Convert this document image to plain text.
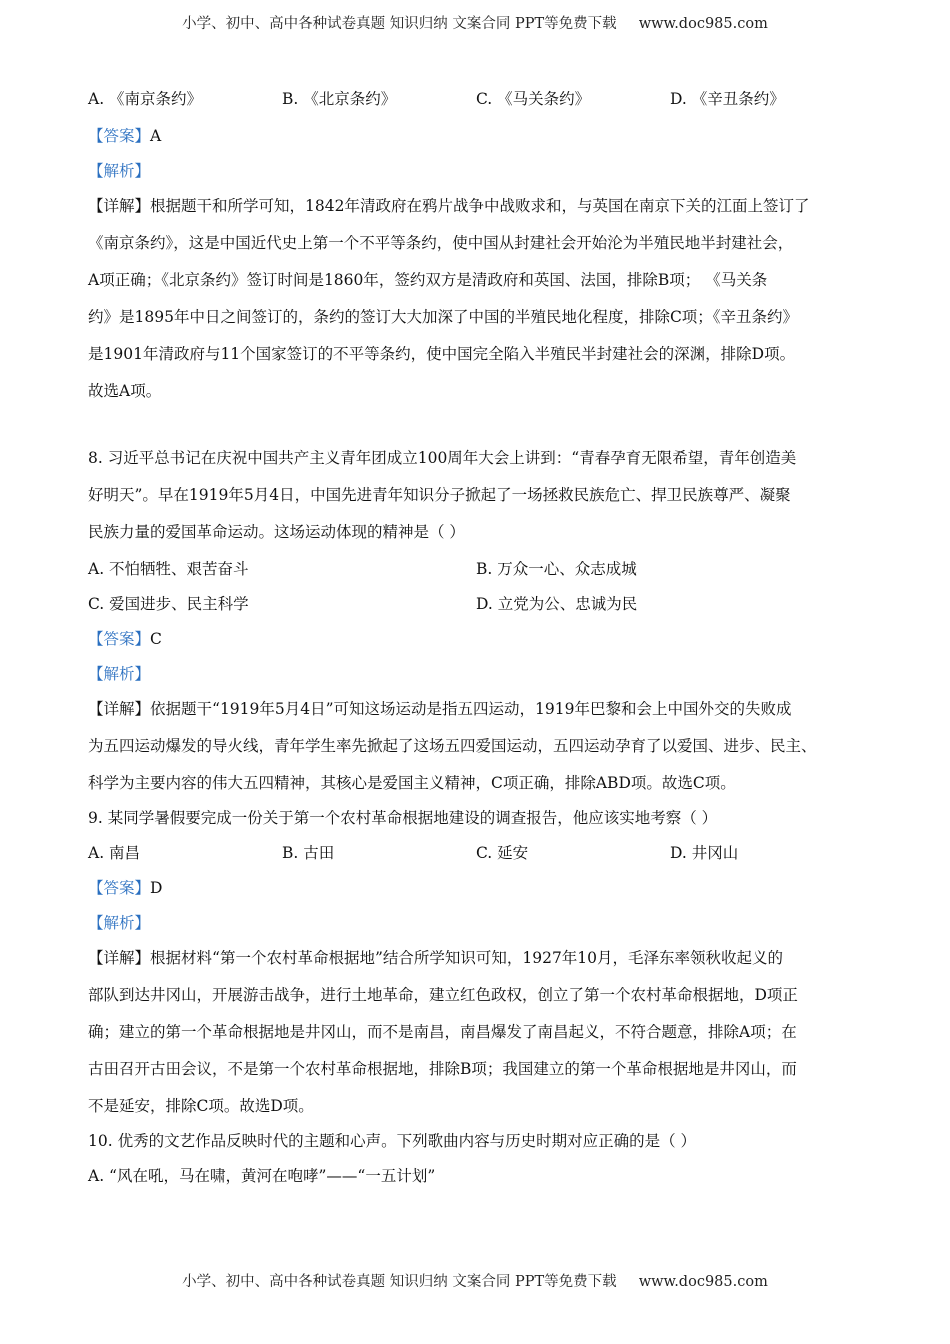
小学、初中、高中各种试卷真题 知识归纳 文案合同 PPT等免费下载 www.doc985.com
A. 《南京条约》	B. 《北京条约》	C. 《马关条约》	D. 《辛丑条约》
【答案】A
【解析】
【详解】根据题干和所学可知，1842年清政府在鸦片战争中战败求和，与英国在南京下关的江面上签订了
《南京条约》，这是中国近代史上第一个不平等条约，使中国从封建社会开始沦为半殖民地半封建社会，
A项正确；《北京条约》签订时间是1860年，签约双方是清政府和英国、法国，排除B项； 《马关条
约》是1895年中日之间签订的，条约的签订大大加深了中国的半殖民地化程度，排除C项；《辛丑条约》
是1901年清政府与11个国家签订的不平等条约，使中国完全陷入半殖民半封建社会的深渊，排除D项。
故选A项。
8. 习近平总书记在庆祝中国共产主义青年团成立100周年大会上讲到：“青春孕育无限希望，青年创造美
好明天”。早在1919年5月4日，中国先进青年知识分子掀起了一场拯救民族危亡、捍卫民族尊严、凝聚
民族力量的爱国革命运动。这场运动体现的精神是（ ）
A. 不怕牺牲、艰苦奋斗	B. 万众一心、众志成城
C. 爱国进步、民主科学	D. 立党为公、忠诚为民
【答案】C
【解析】
【详解】依据题干“1919年5月4日”可知这场运动是指五四运动，1919年巴黎和会上中国外交的失败成
为五四运动爆发的导火线，青年学生率先掀起了这场五四爱国运动，五四运动孕育了以爱国、进步、民主、
科学为主要内容的伟大五四精神，其核心是爱国主义精神，C项正确，排除ABD项。故选C项。
9. 某同学暑假要完成一份关于第一个农村革命根据地建设的调查报告，他应该实地考察（ ）
A. 南昌	B. 古田	C. 延安	D. 井冈山
【答案】D
【解析】
【详解】根据材料“第一个农村革命根据地”结合所学知识可知，1927年10月，毛泽东率领秋收起义的
部队到达井冈山，开展游击战争，进行土地革命，建立红色政权，创立了第一个农村革命根据地，D项正
确；建立的第一个革命根据地是井冈山，而不是南昌，南昌爆发了南昌起义，不符合题意，排除A项；在
古田召开古田会议，不是第一个农村革命根据地，排除B项；我国建立的第一个革命根据地是井冈山，而
不是延安，排除C项。故选D项。
10. 优秀的文艺作品反映时代的主题和心声。下列歌曲内容与历史时期对应正确的是（ ）
A. “风在吼，马在啸，黄河在咆哮”——“一五计划”
小学、初中、高中各种试卷真题 知识归纳 文案合同 PPT等免费下载 www.doc985.com
